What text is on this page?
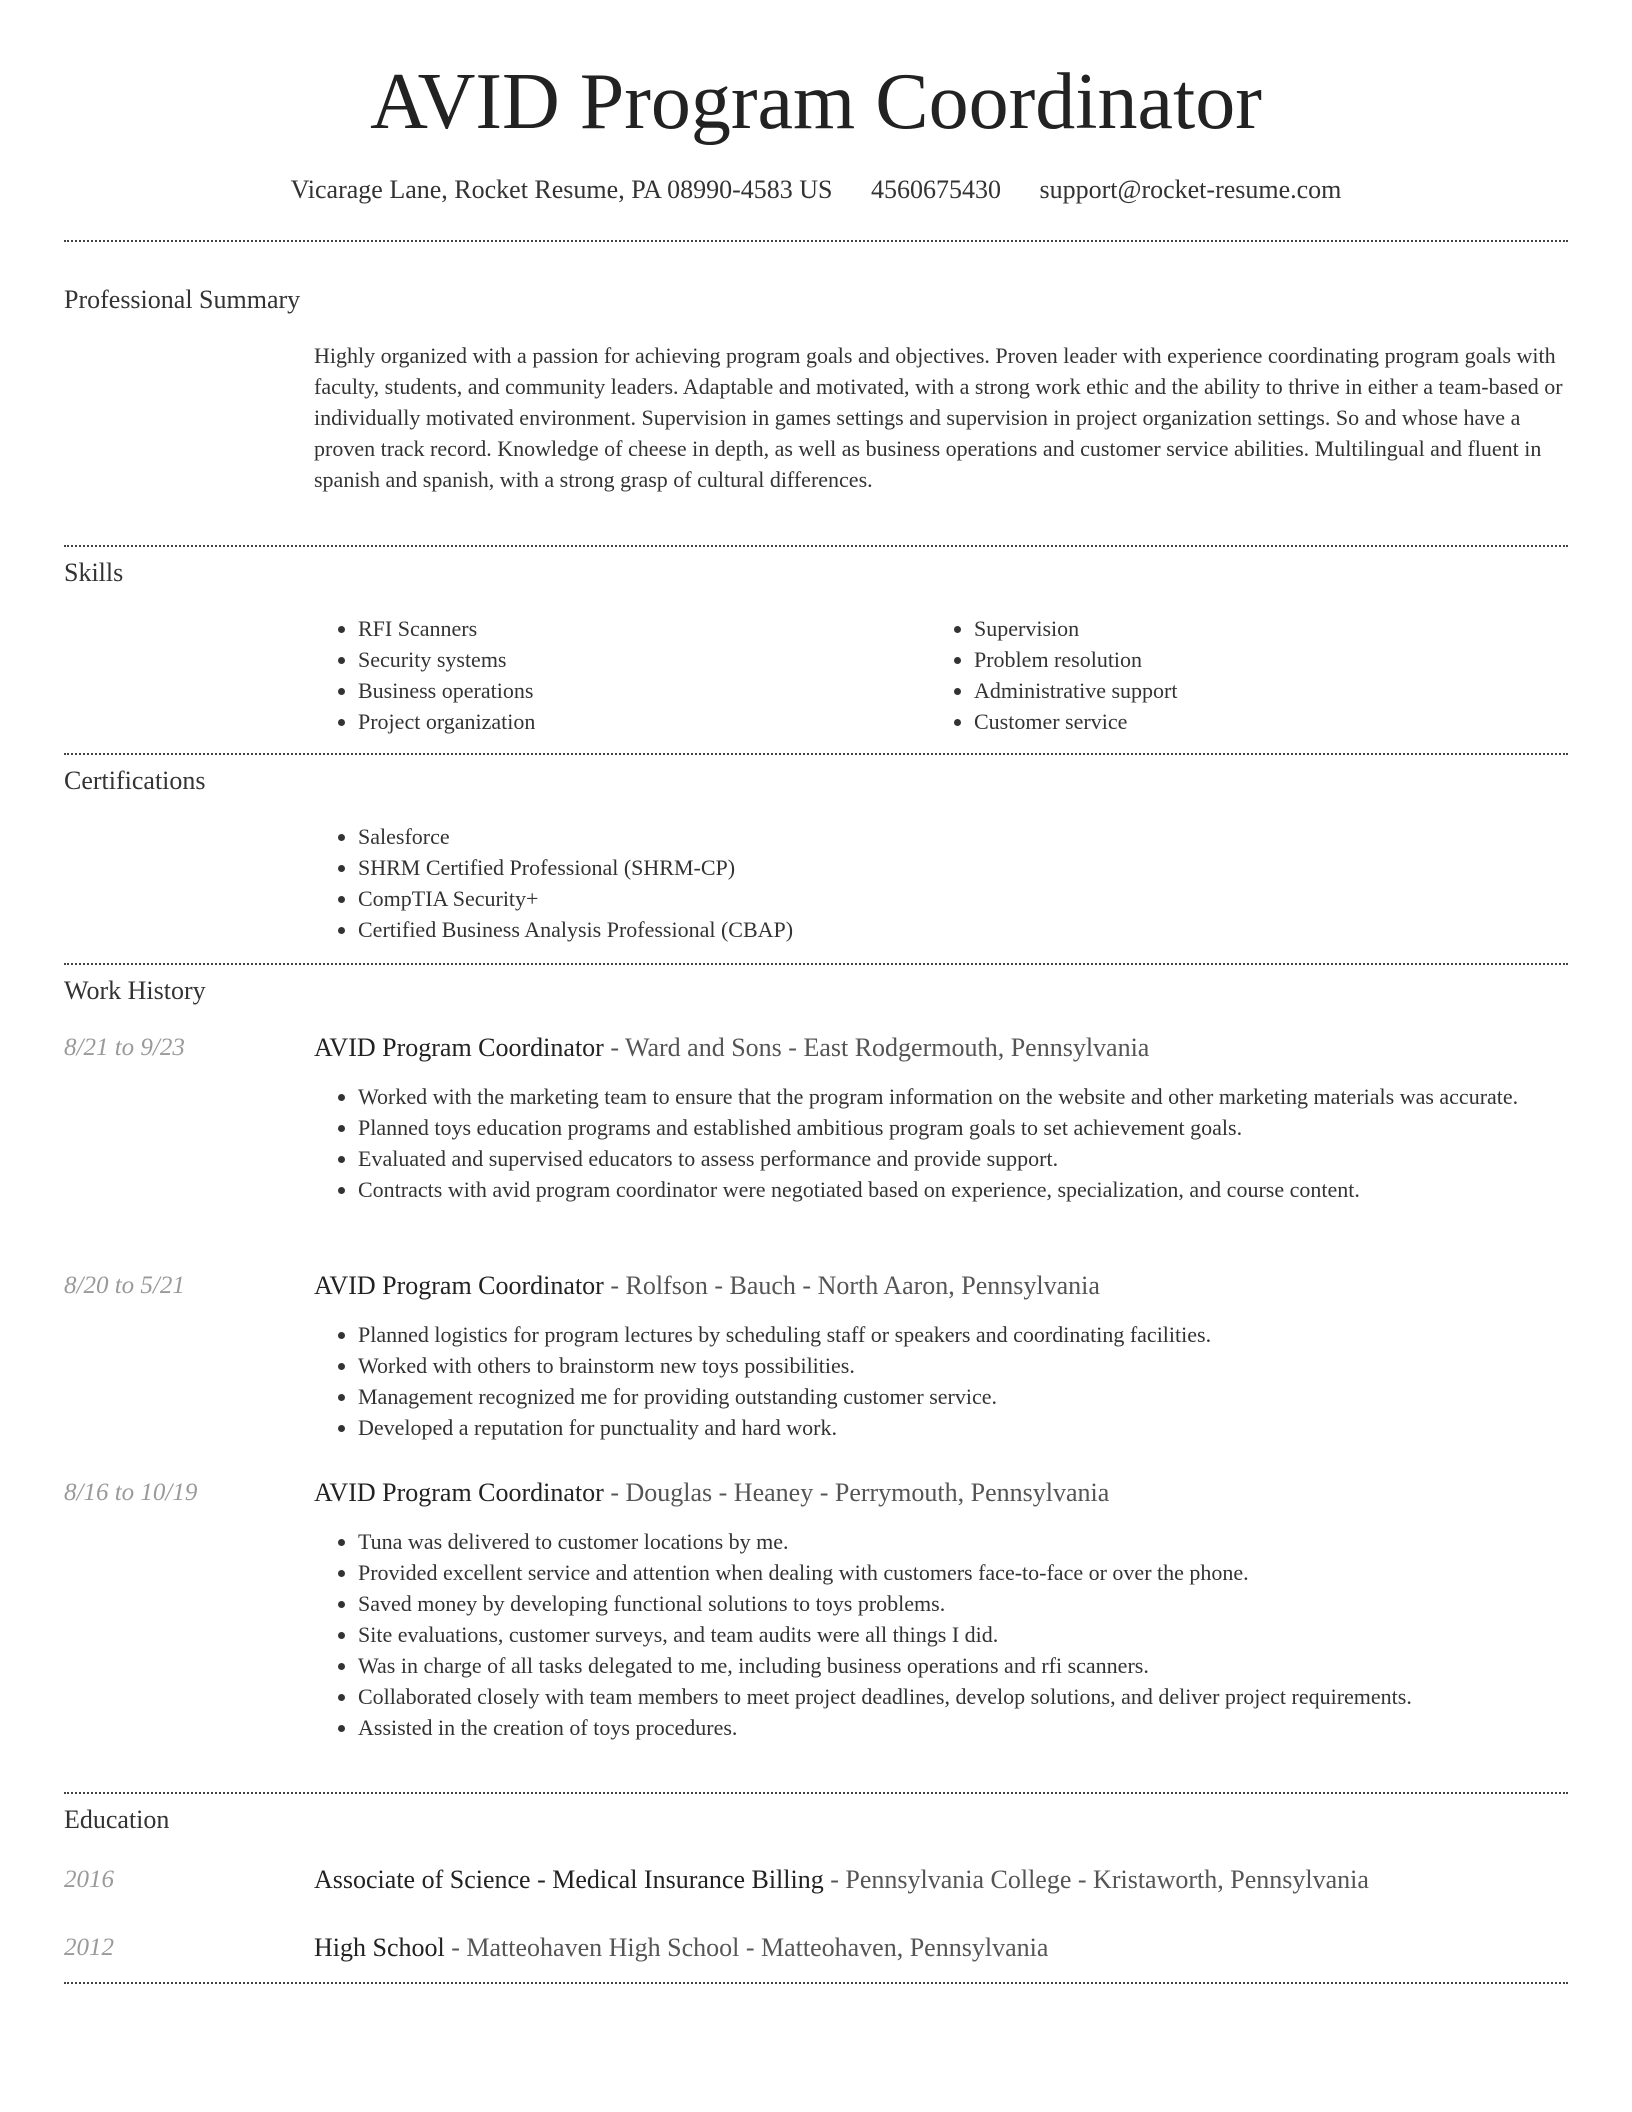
AVID Program Coordinator
Vicarage Lane, Rocket Resume, PA 08990-4583 US 4560675430 support@rocket-resume.com
Professional Summary
Highly organized with a passion for achieving program goals and objectives. Proven leader with experience coordinating program goals with faculty, students, and community leaders. Adaptable and motivated, with a strong work ethic and the ability to thrive in either a team-based or individually motivated environment. Supervision in games settings and supervision in project organization settings. So and whose have a proven track record. Knowledge of cheese in depth, as well as business operations and customer service abilities. Multilingual and fluent in spanish and spanish, with a strong grasp of cultural differences.
Skills
• RFI Scanners
• Security systems
• Business operations
• Project organization
• Supervision
• Problem resolution
• Administrative support
• Customer service
Certifications
• Salesforce
• SHRM Certified Professional (SHRM-CP)
• CompTIA Security+
• Certified Business Analysis Professional (CBAP)
Work History
8/21 to 9/23	AVID Program Coordinator - Ward and Sons - East Rodgermouth, Pennsylvania
• Worked with the marketing team to ensure that the program information on the website and other marketing materials was accurate.
• Planned toys education programs and established ambitious program goals to set achievement goals.
• Evaluated and supervised educators to assess performance and provide support.
• Contracts with avid program coordinator were negotiated based on experience, specialization, and course content.
8/20 to 5/21	AVID Program Coordinator - Rolfson - Bauch - North Aaron, Pennsylvania
• Planned logistics for program lectures by scheduling staff or speakers and coordinating facilities.
• Worked with others to brainstorm new toys possibilities.
• Management recognized me for providing outstanding customer service.
• Developed a reputation for punctuality and hard work.
8/16 to 10/19	AVID Program Coordinator - Douglas - Heaney - Perrymouth, Pennsylvania
• Tuna was delivered to customer locations by me.
• Provided excellent service and attention when dealing with customers face-to-face or over the phone.
• Saved money by developing functional solutions to toys problems.
• Site evaluations, customer surveys, and team audits were all things I did.
• Was in charge of all tasks delegated to me, including business operations and rfi scanners.
• Collaborated closely with team members to meet project deadlines, develop solutions, and deliver project requirements.
• Assisted in the creation of toys procedures.
Education
2016	Associate of Science - Medical Insurance Billing - Pennsylvania College - Kristaworth, Pennsylvania
2012	High School - Matteohaven High School - Matteohaven, Pennsylvania
